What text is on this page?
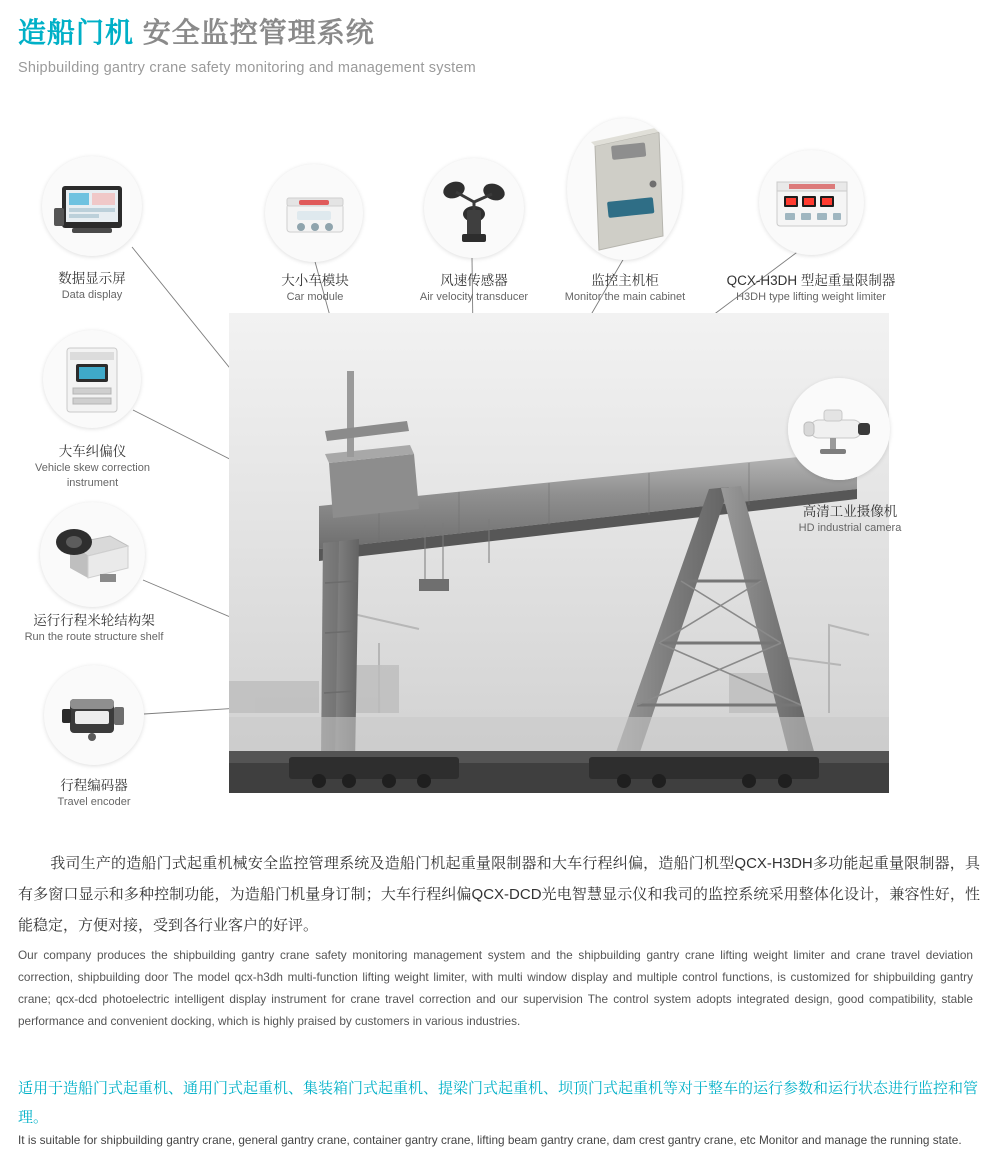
造船门机 安全监控管理系统
Shipbuilding gantry crane safety monitoring and management system
数据显示屏
Data display
大小车模块
Car module
风速传感器
Air velocity transducer
监控主机柜
Monitor the main cabinet
QCX-H3DH 型起重量限制器
H3DH type lifting weight limiter
大车纠偏仪
Vehicle skew correction instrument
运行行程米轮结构架
Run the route structure shelf
行程编码器
Travel encoder
高清工业摄像机
HD industrial camera
我司生产的造船门式起重机械安全监控管理系统及造船门机起重量限制器和大车行程纠偏，造船门机型QCX-H3DH多功能起重量限制器，具有多窗口显示和多种控制功能，为造船门机量身订制；大车行程纠偏QCX-DCD光电智慧显示仪和我司的监控系统采用整体化设计，兼容性好，性能稳定，方便对接，受到各行业客户的好评。
Our company produces the shipbuilding gantry crane safety monitoring management system and the shipbuilding gantry crane lifting weight limiter and crane travel deviation correction, shipbuilding door The model qcx-h3dh multi-function lifting weight limiter, with multi window display and multiple control functions, is customized for shipbuilding gantry crane; qcx-dcd photoelectric intelligent display instrument for crane travel correction and our supervision The control system adopts integrated design, good compatibility, stable performance and convenient docking, which is highly praised by customers in various industries.
适用于造船门式起重机、通用门式起重机、集装箱门式起重机、提梁门式起重机、坝顶门式起重机等对于整车的运行参数和运行状态进行监控和管理。
It is suitable for shipbuilding gantry crane, general gantry crane, container gantry crane, lifting beam gantry crane, dam crest gantry crane, etc Monitor and manage the running state.
